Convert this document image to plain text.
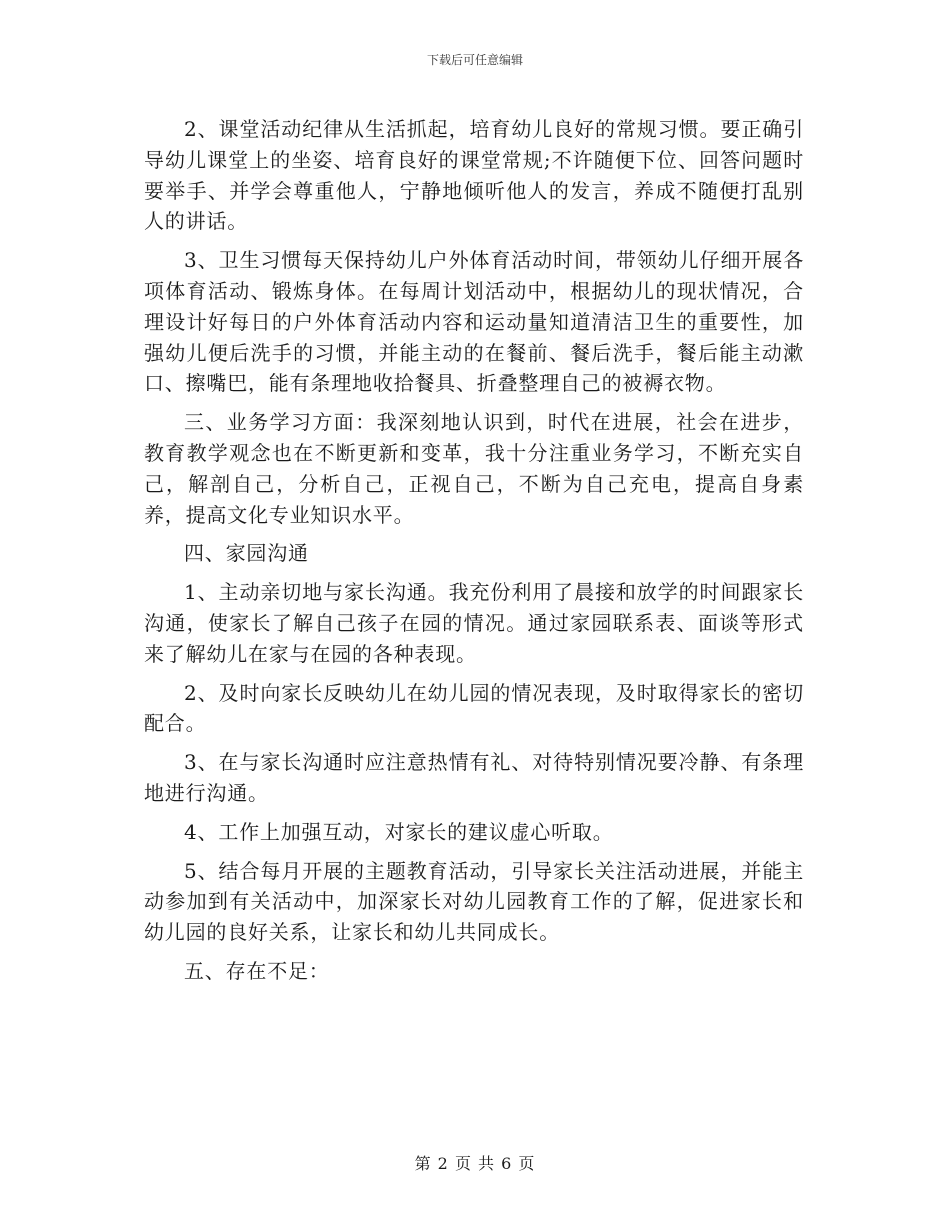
下载后可任意编辑

2、课堂活动纪律从生活抓起，培育幼儿良好的常规习惯。要正确引导幼儿课堂上的坐姿、培育良好的课堂常规;不许随便下位、回答问题时要举手、并学会尊重他人，宁静地倾听他人的发言，养成不随便打乱别人的讲话。

3、卫生习惯每天保持幼儿户外体育活动时间，带领幼儿仔细开展各项体育活动、锻炼身体。在每周计划活动中，根据幼儿的现状情况，合理设计好每日的户外体育活动内容和运动量知道清洁卫生的重要性，加强幼儿便后洗手的习惯，并能主动的在餐前、餐后洗手，餐后能主动漱口、擦嘴巴，能有条理地收拾餐具、折叠整理自己的被褥衣物。

三、业务学习方面：我深刻地认识到，时代在进展，社会在进步，教育教学观念也在不断更新和变革，我十分注重业务学习，不断充实自己，解剖自己，分析自己，正视自己，不断为自己充电，提高自身素养，提高文化专业知识水平。

四、家园沟通

1、主动亲切地与家长沟通。我充份利用了晨接和放学的时间跟家长沟通，使家长了解自己孩子在园的情况。通过家园联系表、面谈等形式来了解幼儿在家与在园的各种表现。

2、及时向家长反映幼儿在幼儿园的情况表现，及时取得家长的密切配合。

3、在与家长沟通时应注意热情有礼、对待特别情况要冷静、有条理地进行沟通。

4、工作上加强互动，对家长的建议虚心听取。

5、结合每月开展的主题教育活动，引导家长关注活动进展，并能主动参加到有关活动中，加深家长对幼儿园教育工作的了解，促进家长和幼儿园的良好关系，让家长和幼儿共同成长。

五、存在不足：

第 2 页 共 6 页
